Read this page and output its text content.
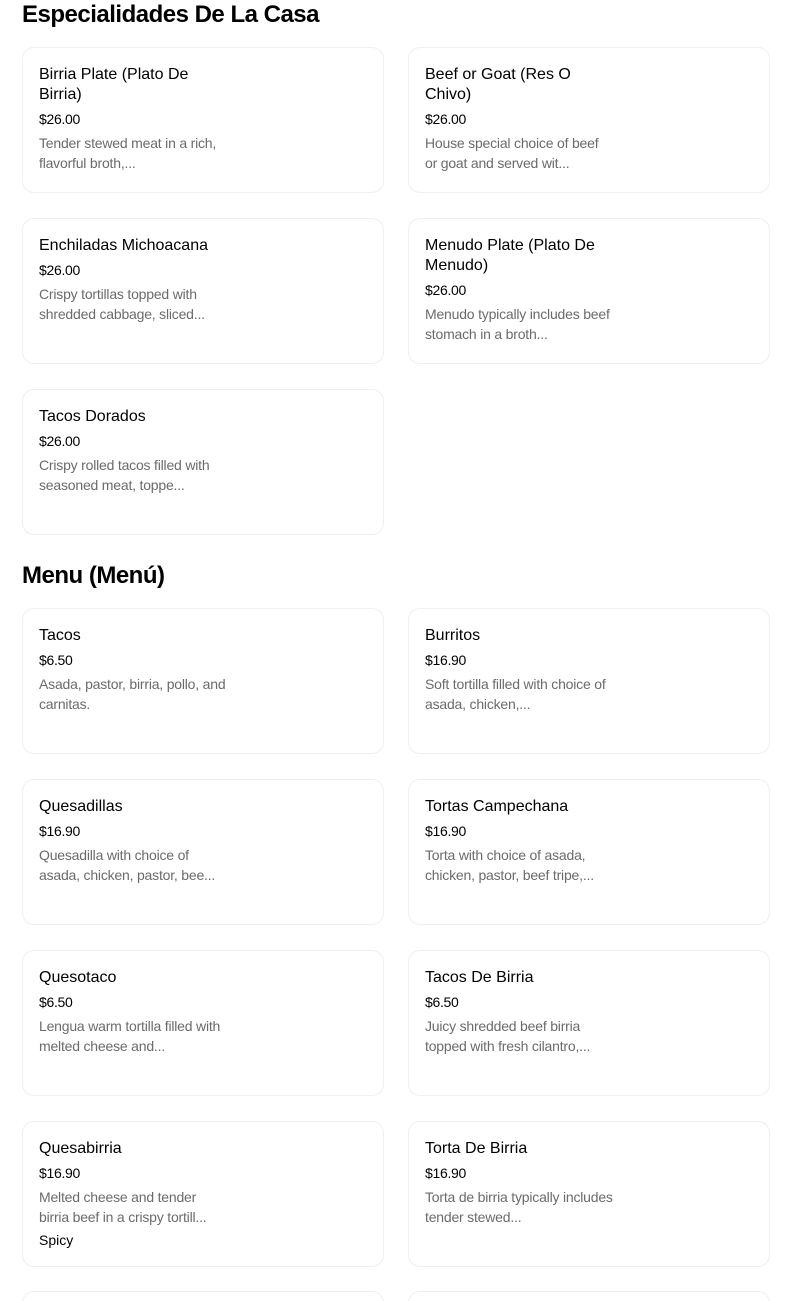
Especialidades De La Casa
Birria Plate (Plato De Birria)
$26.00
Tender stewed meat in a rich, flavorful broth,...
Beef or Goat (Res O Chivo)
$26.00
House special choice of beef or goat and served wit...
Enchiladas Michoacana
$26.00
Crispy tortillas topped with shredded cabbage, sliced...
Menudo Plate (Plato De Menudo)
$26.00
Menudo typically includes beef stomach in a broth...
Tacos Dorados
$26.00
Crispy rolled tacos filled with seasoned meat, toppe...
Menu (Menú)
Tacos
$6.50
Asada, pastor, birria, pollo, and carnitas.
Burritos
$16.90
Soft tortilla filled with choice of asada, chicken,...
Quesadillas
$16.90
Quesadilla with choice of asada, chicken, pastor, bee...
Tortas Campechana
$16.90
Torta with choice of asada, chicken, pastor, beef tripe,...
Quesotaco
$6.50
Lengua warm tortilla filled with melted cheese and...
Tacos De Birria
$6.50
Juicy shredded beef birria topped with fresh cilantro,...
Quesabirria
$16.90
Melted cheese and tender birria beef in a crispy tortill...
Spicy
Torta De Birria
$16.90
Torta de birria typically includes tender stewed...
